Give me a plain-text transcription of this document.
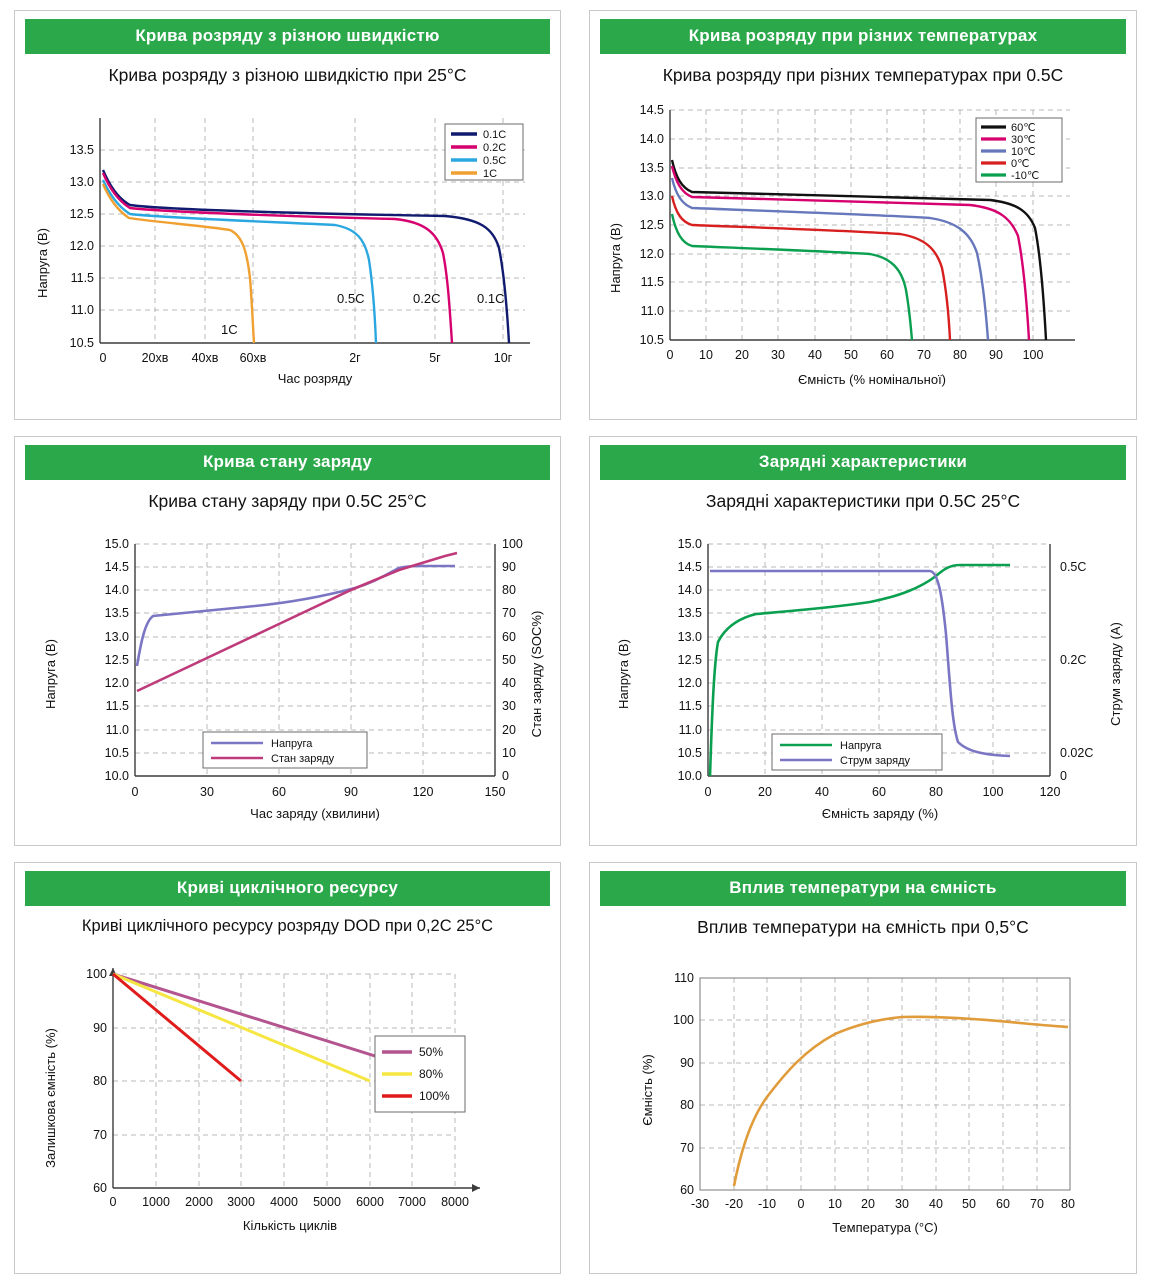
Крива розряду з різною швидкістю
Крива розряду з різною швидкістю при 25°C
Напруга (В)
10.5
11.0
11.5
12.0
12.5
13.0
13.5
0	20хв 40хв 60хв	2г	5г	10г
0.1C
0.2C
0.5C
1C
1C
0.5C	0.2C	0.1C
Час розряду
Крива розряду при різних температурах
Крива розряду при різних температурах при 0.5C
Напруга (В)
10.5
11.0
11.5
12.0
12.5
13.0
13.5
14.0
14.5
0 10 20 30 40 50 60 70 80 90 100
60℃
30℃
10℃
0℃
-10℃
Ємність (% номінальної)
Крива стану заряду
Крива стану заряду при 0.5C 25°C
Напруга (В)	Стан заряду (SOC%)
15.0
14.5
14.0
13.5
13.0
12.5
12.0
11.5
11.0
10.5
10.0
100
90
80
70
60
50
40
30
20
10
0
0	30	60	90	120	150
Напруга
Стан заряду
Час заряду (хвилини)
Зарядні характеристики
Зарядні характеристики при 0.5C 25°C
Напруга (В)	Струм заряду (А)
15.0
14.5
14.0
13.5
13.0
12.5
12.0
11.5
11.0
10.5
10.0
0.5C
0.2C
0.02C
0
0	20	40	60	80	100	120
Напруга
Струм заряду
Ємність заряду (%)
Криві циклічного ресурсу
Криві циклічного ресурсу розряду DOD при 0,2C 25°C
Залишкова ємність (%)
100
90
80
70
60
0 1000 2000 3000 4000 5000 6000 7000 8000
50%
80%
100%
Кількість циклів
Вплив температури на ємність
Вплив температури на ємність при 0,5°C
Ємність (%)
110
100
90
80
70
60
-30 -20 -10 0 10 20 30 40 50 60 70 80
Температура (°C)
